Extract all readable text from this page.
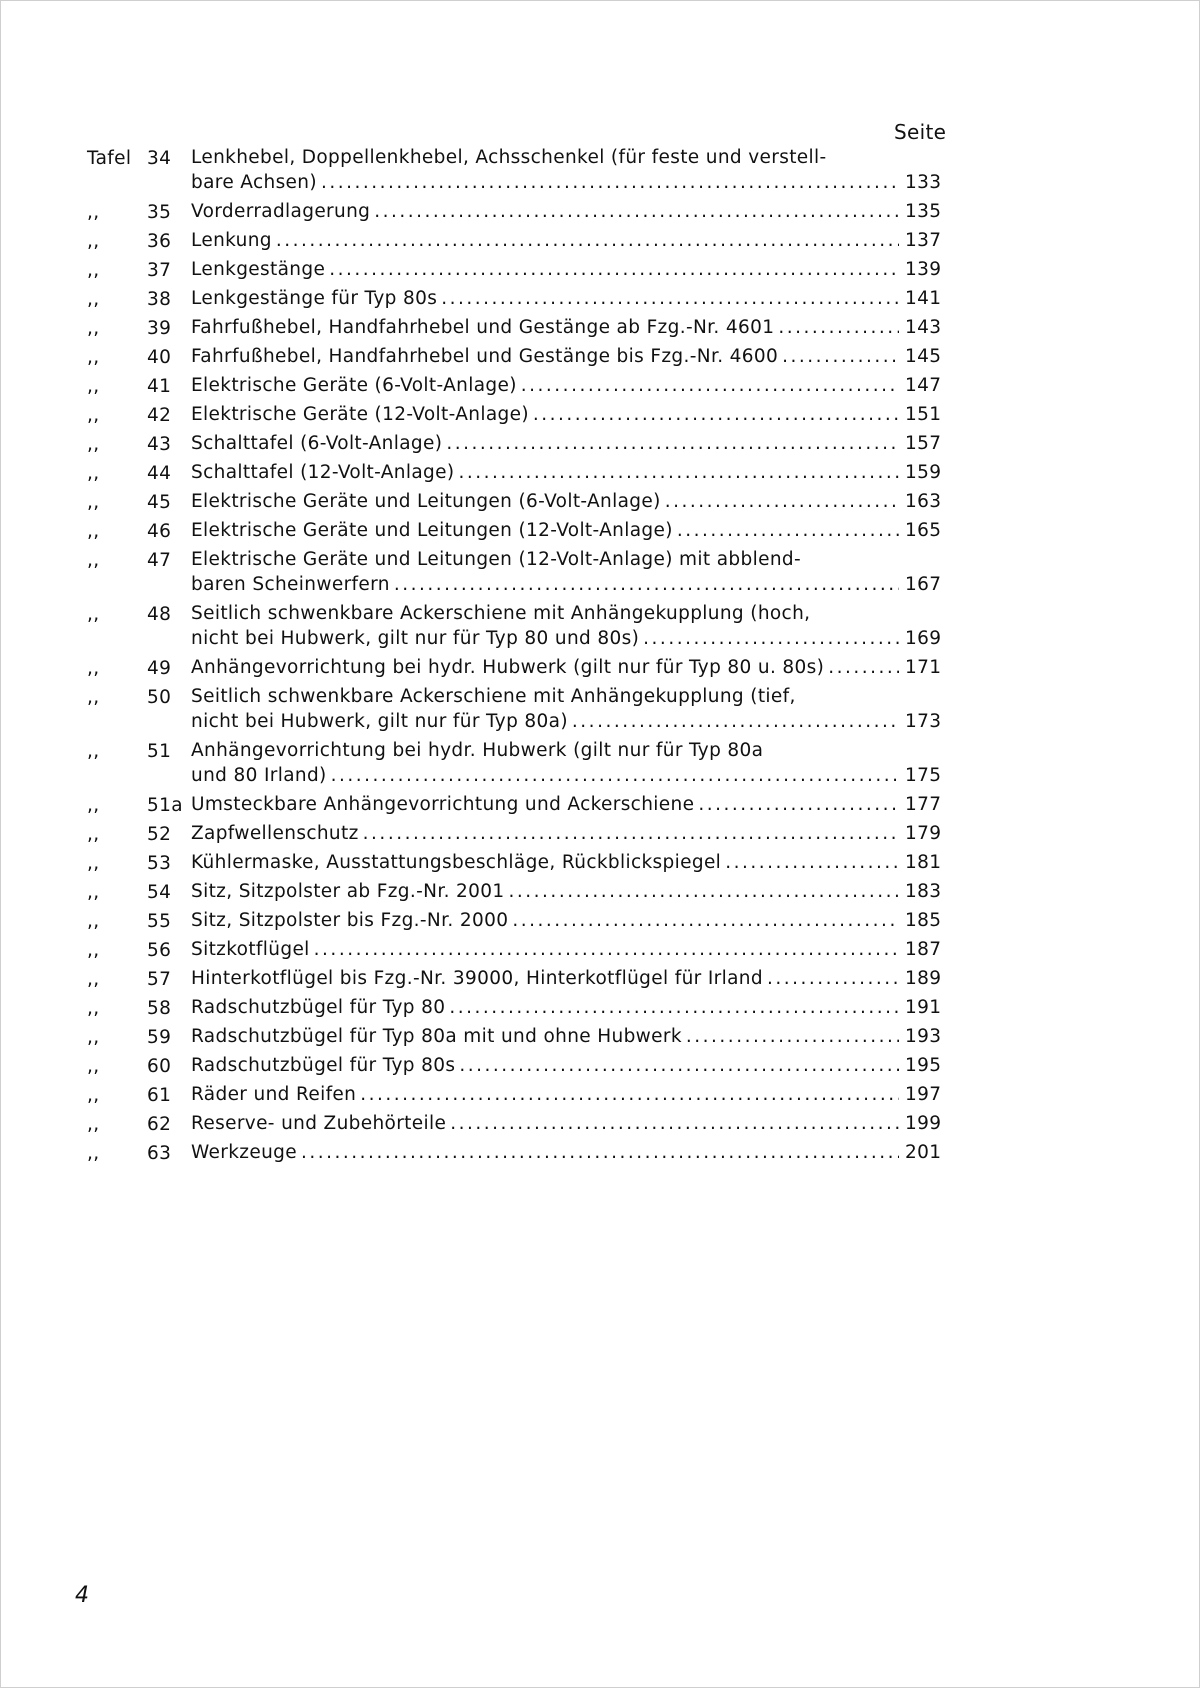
Seite
Tafel 34	Lenkhebel, Doppellenkhebel, Achsschenkel (für feste und verstell-
bare Achsen) .....	133
,,	35	Vorderradlagerung .....	135
,,	36	Lenkung .....	137
,,	37	Lenkgestänge .....	139
,,	38	Lenkgestänge für Typ 80s .....	141
,,	39	Fahrfußhebel, Handfahrhebel und Gestänge ab Fzg.-Nr. 4601 .....	143
,,	40	Fahrfußhebel, Handfahrhebel und Gestänge bis Fzg.-Nr. 4600 .....	145
,,	41	Elektrische Geräte (6-Volt-Anlage) .....	147
,,	42	Elektrische Geräte (12-Volt-Anlage) .....	151
,,	43	Schalttafel (6-Volt-Anlage) .....	157
,,	44	Schalttafel (12-Volt-Anlage) .....	159
,,	45	Elektrische Geräte und Leitungen (6-Volt-Anlage) .....	163
,,	46	Elektrische Geräte und Leitungen (12-Volt-Anlage) .....	165
,,	47	Elektrische Geräte und Leitungen (12-Volt-Anlage) mit abblend-
baren Scheinwerfern .....	167
,,	48	Seitlich schwenkbare Ackerschiene mit Anhängekupplung (hoch,
nicht bei Hubwerk, gilt nur für Typ 80 und 80s) .....	169
,,	49	Anhängevorrichtung bei hydr. Hubwerk (gilt nur für Typ 80 u. 80s) .....	171
,,	50	Seitlich schwenkbare Ackerschiene mit Anhängekupplung (tief,
nicht bei Hubwerk, gilt nur für Typ 80a) .....	173
,,	51	Anhängevorrichtung bei hydr. Hubwerk (gilt nur für Typ 80a
und 80 Irland) .....	175
,,	51a Umsteckbare Anhängevorrichtung und Ackerschiene .....	177
,,	52	Zapfwellenschutz .....	179
,,	53	Kühlermaske, Ausstattungsbeschläge, Rückblickspiegel .....	181
,,	54	Sitz, Sitzpolster ab Fzg.-Nr. 2001 .....	183
,,	55	Sitz, Sitzpolster bis Fzg.-Nr. 2000 .....	185
,,	56	Sitzkotflügel .....	187
,,	57	Hinterkotflügel bis Fzg.-Nr. 39000, Hinterkotflügel für Irland .....	189
,,	58	Radschutzbügel für Typ 80 .....	191
,,	59	Radschutzbügel für Typ 80a mit und ohne Hubwerk .....	193
,,	60	Radschutzbügel für Typ 80s .....	195
,,	61	Räder und Reifen .....	197
,,	62	Reserve- und Zubehörteile .....	199
,,	63	Werkzeuge .....	201
4
